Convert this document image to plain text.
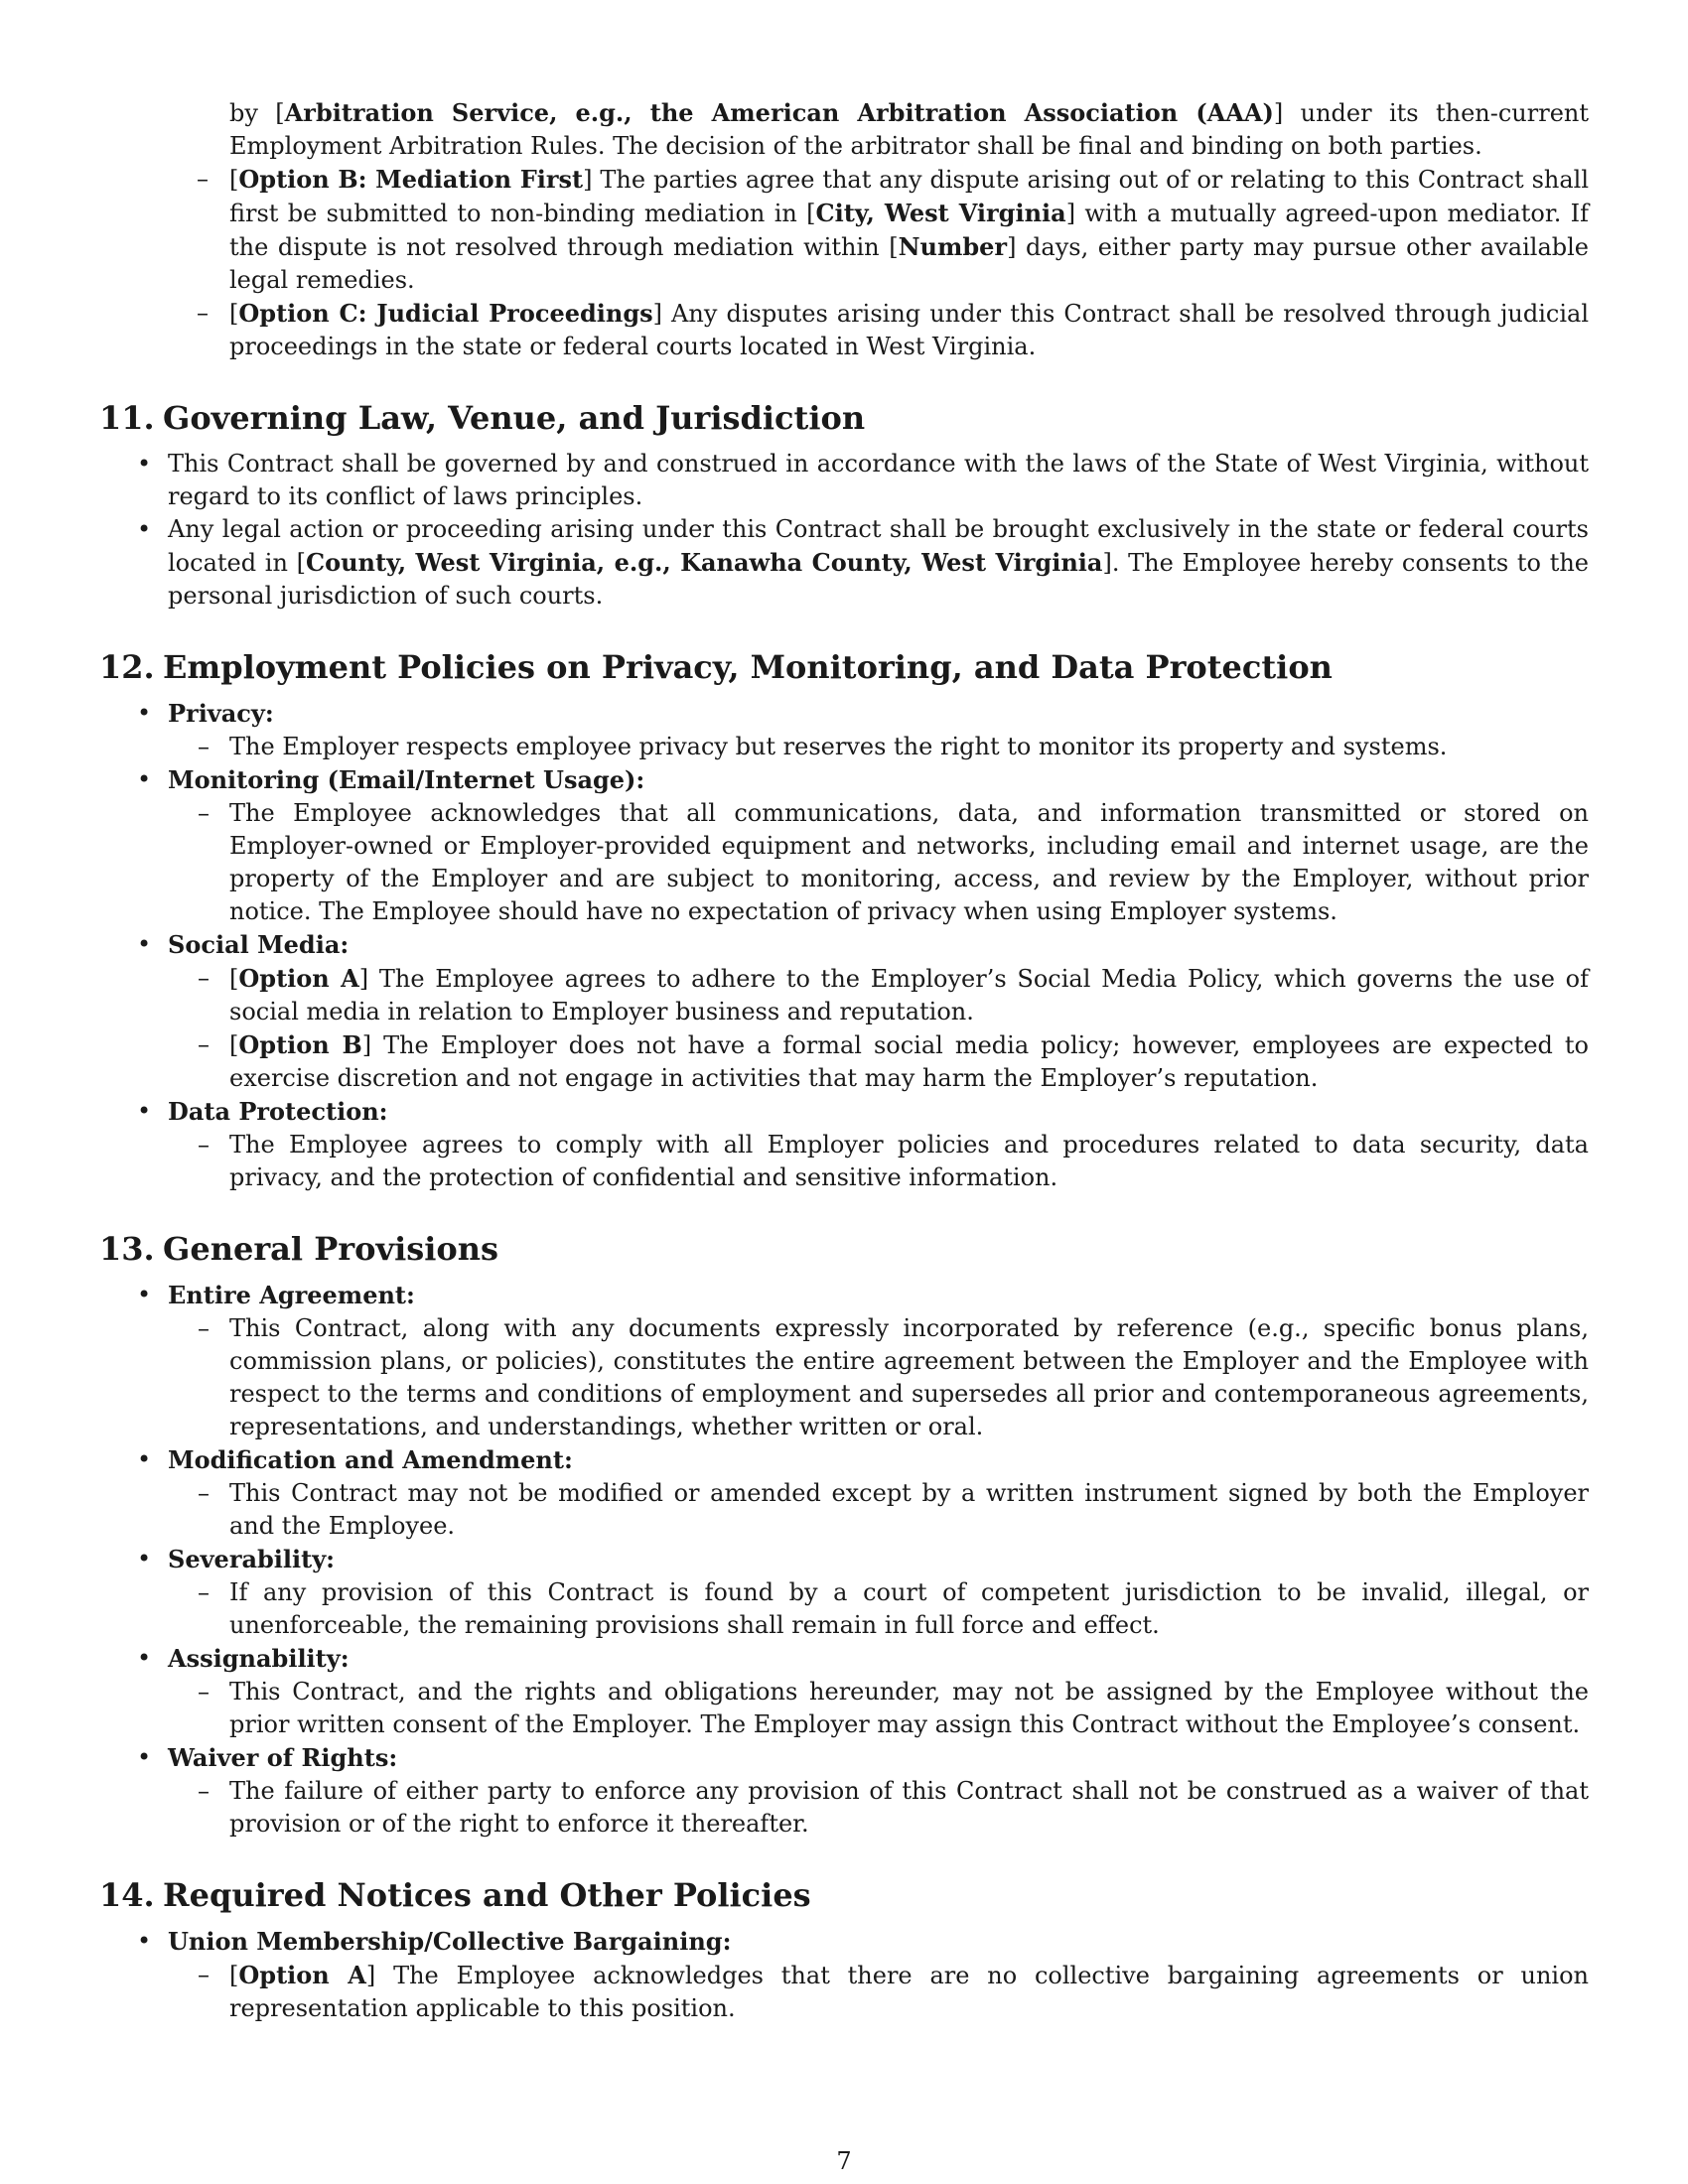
by [Arbitration Service, e.g., the American Arbitration Association (AAA)] under its then-current Employment Arbitration Rules. The decision of the arbitrator shall be final and binding on both parties.

– [Option B: Mediation First] The parties agree that any dispute arising out of or relating to this Contract shall first be submitted to non-binding mediation in [City, West Virginia] with a mutually agreed-upon mediator. If the dispute is not resolved through mediation within [Number] days, either party may pursue other available legal remedies.

– [Option C: Judicial Proceedings] Any disputes arising under this Contract shall be resolved through judicial proceedings in the state or federal courts located in West Virginia.

11. Governing Law, Venue, and Jurisdiction
• This Contract shall be governed by and construed in accordance with the laws of the State of West Virginia, without regard to its conflict of laws principles.
• Any legal action or proceeding arising under this Contract shall be brought exclusively in the state or federal courts located in [County, West Virginia, e.g., Kanawha County, West Virginia]. The Employee hereby consents to the personal jurisdiction of such courts.
12. Employment Policies on Privacy, Monitoring, and Data Protection
• Privacy:
– The Employer respects employee privacy but reserves the right to monitor its property and systems.
• Monitoring (Email/Internet Usage):
– The Employee acknowledges that all communications, data, and information transmitted or stored on Employer-owned or Employer-provided equipment and networks, including email and internet usage, are the property of the Employer and are subject to monitoring, access, and review by the Employer, without prior notice. The Employee should have no expectation of privacy when using Employer systems.
• Social Media:
– [Option A] The Employee agrees to adhere to the Employer’s Social Media Policy, which governs the use of social media in relation to Employer business and reputation.
– [Option B] The Employer does not have a formal social media policy; however, employees are expected to exercise discretion and not engage in activities that may harm the Employer’s reputation.
• Data Protection:
– The Employee agrees to comply with all Employer policies and procedures related to data security, data privacy, and the protection of confidential and sensitive information.
13. General Provisions
• Entire Agreement:
– This Contract, along with any documents expressly incorporated by reference (e.g., specific bonus plans, commission plans, or policies), constitutes the entire agreement between the Employer and the Employee with respect to the terms and conditions of employment and supersedes all prior and contemporaneous agreements, representations, and understandings, whether written or oral.
• Modification and Amendment:
– This Contract may not be modified or amended except by a written instrument signed by both the Employer and the Employee.
• Severability:
– If any provision of this Contract is found by a court of competent jurisdiction to be invalid, illegal, or unenforceable, the remaining provisions shall remain in full force and effect.
• Assignability:
– This Contract, and the rights and obligations hereunder, may not be assigned by the Employee without the prior written consent of the Employer. The Employer may assign this Contract without the Employee’s consent.
• Waiver of Rights:
– The failure of either party to enforce any provision of this Contract shall not be construed as a waiver of that provision or of the right to enforce it thereafter.
14. Required Notices and Other Policies
• Union Membership/Collective Bargaining:
– [Option A] The Employee acknowledges that there are no collective bargaining agreements or union representation applicable to this position.
7
